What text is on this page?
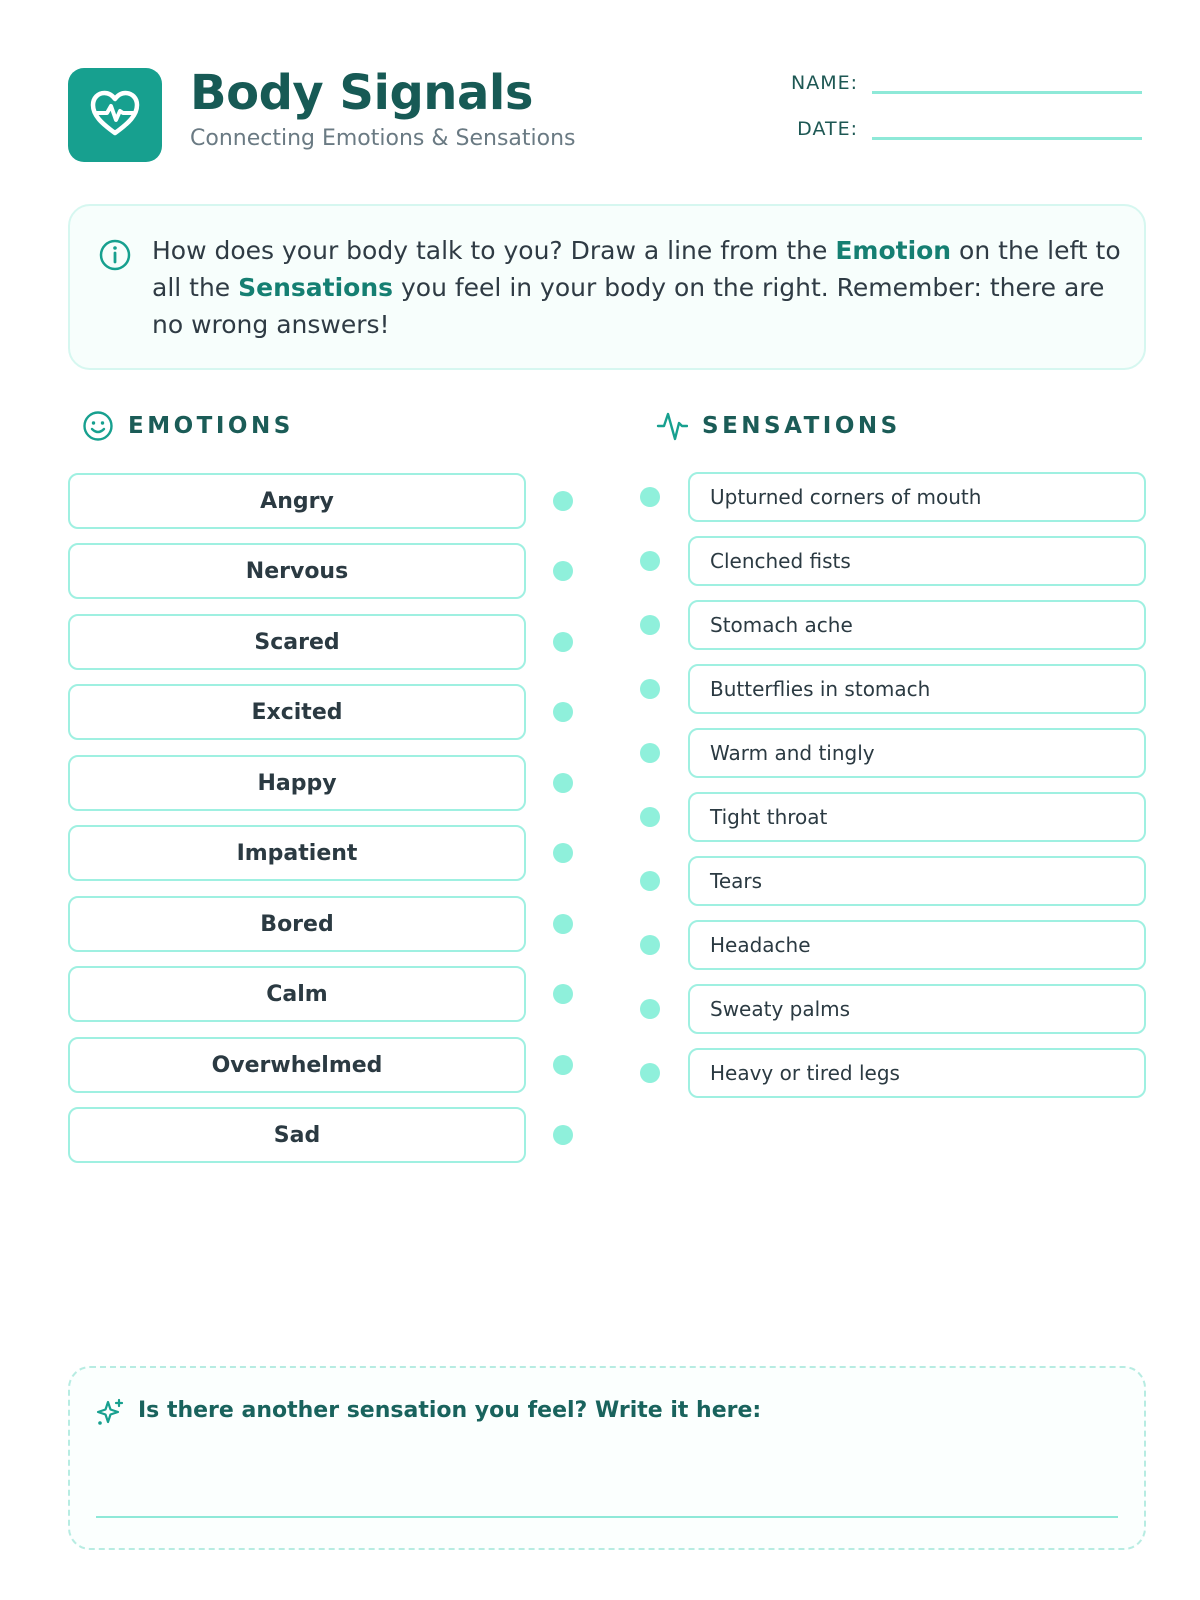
Body Signals
Connecting Emotions & Sensations
NAME:
DATE:

How does your body talk to you? Draw a line from the Emotion on the left to all the Sensations you feel in your body on the right. Remember: there are no wrong answers!

EMOTIONS	SENSATIONS
Angry
Nervous
Scared
Excited
Happy
Impatient
Bored
Calm
Overwhelmed
Sad
Upturned corners of mouth
Clenched fists
Stomach ache
Butterflies in stomach
Warm and tingly
Tight throat
Tears
Headache
Sweaty palms
Heavy or tired legs
Is there another sensation you feel? Write it here:
